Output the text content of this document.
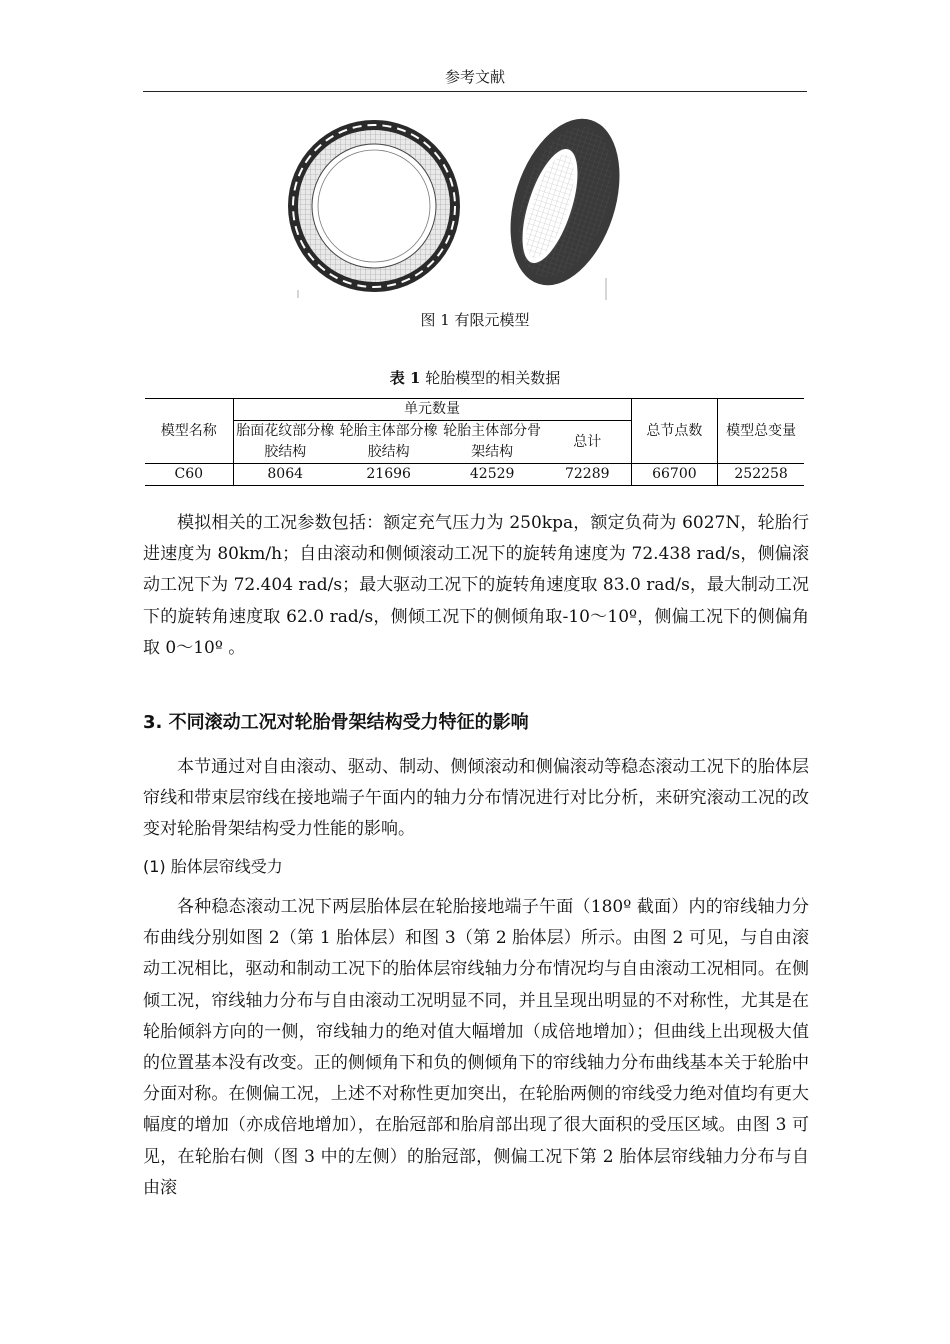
参考文献
图 1 有限元模型
表 1 轮胎模型的相关数据
模型名称	单元数量				总节点数	模型总变量
	胎面花纹部分橡胶结构	轮胎主体部分橡胶结构	轮胎主体部分骨架结构	总计		
C60	8064	21696	42529	72289	66700	252258

模拟相关的工况参数包括：额定充气压力为 250kpa，额定负荷为 6027N，轮胎行进速度为 80km/h；自由滚动和侧倾滚动工况下的旋转角速度为 72.438 rad/s，侧偏滚动工况下为 72.404 rad/s；最大驱动工况下的旋转角速度取 83.0 rad/s，最大制动工况下的旋转角速度取 62.0 rad/s，侧倾工况下的侧倾角取-10～10º，侧偏工况下的侧偏角取 0～10º 。

3. 不同滚动工况对轮胎骨架结构受力特征的影响

本节通过对自由滚动、驱动、制动、侧倾滚动和侧偏滚动等稳态滚动工况下的胎体层帘线和带束层帘线在接地端子午面内的轴力分布情况进行对比分析，来研究滚动工况的改变对轮胎骨架结构受力性能的影响。

(1) 胎体层帘线受力

各种稳态滚动工况下两层胎体层在轮胎接地端子午面（180º 截面）内的帘线轴力分布曲线分别如图 2（第 1 胎体层）和图 3（第 2 胎体层）所示。由图 2 可见，与自由滚动工况相比，驱动和制动工况下的胎体层帘线轴力分布情况均与自由滚动工况相同。在侧倾工况，帘线轴力分布与自由滚动工况明显不同，并且呈现出明显的不对称性，尤其是在轮胎倾斜方向的一侧，帘线轴力的绝对值大幅增加（成倍地增加）；但曲线上出现极大值的位置基本没有改变。正的侧倾角下和负的侧倾角下的帘线轴力分布曲线基本关于轮胎中分面对称。在侧偏工况，上述不对称性更加突出，在轮胎两侧的帘线受力绝对值均有更大幅度的增加（亦成倍地增加），在胎冠部和胎肩部出现了很大面积的受压区域。由图 3 可见，在轮胎右侧（图 3 中的左侧）的胎冠部，侧偏工况下第 2 胎体层帘线轴力分布与自由滚
